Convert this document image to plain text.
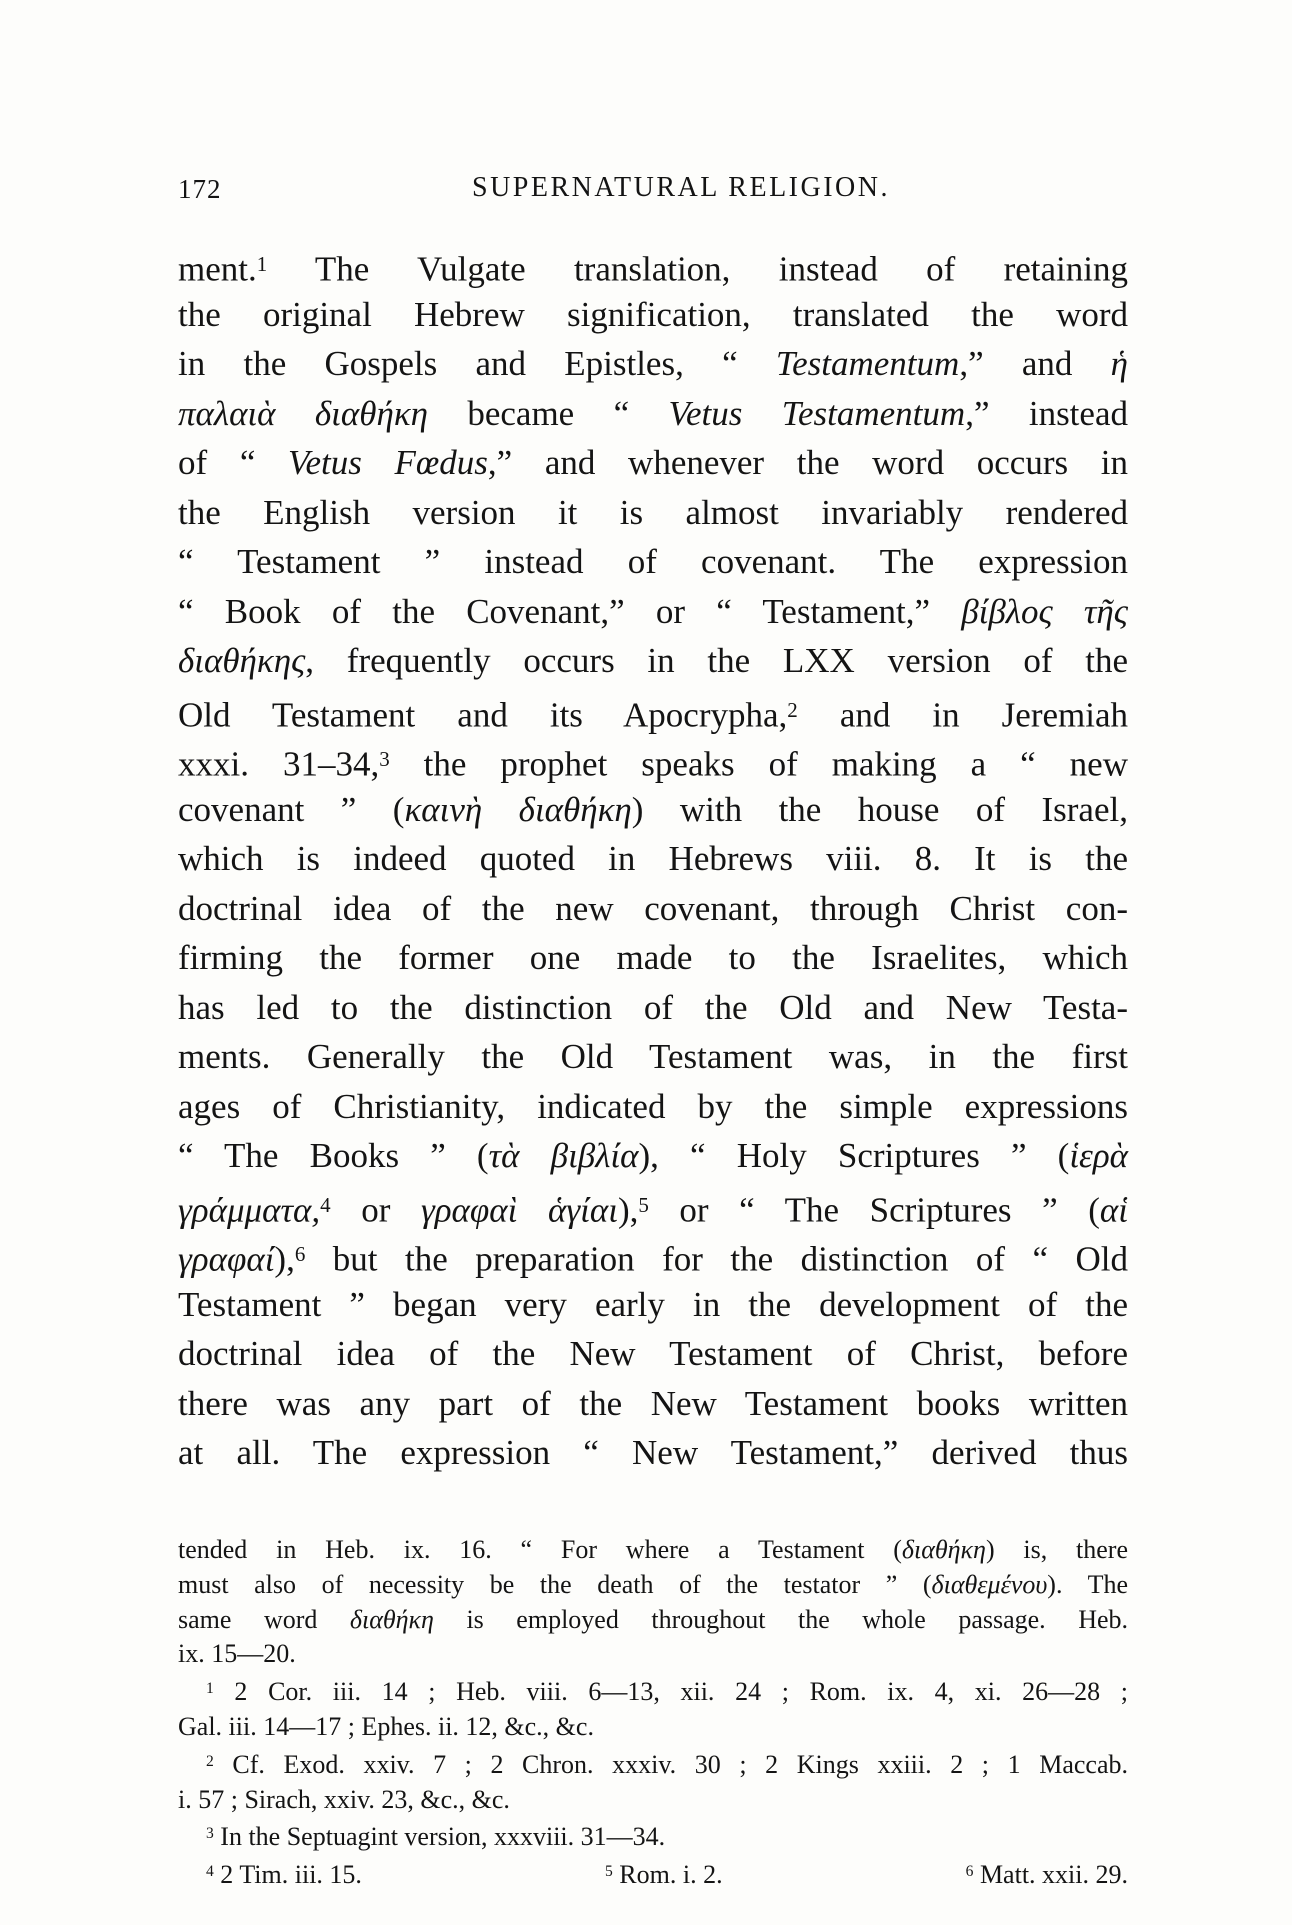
172	SUPERNATURAL RELIGION.
ment.$^1$ The Vulgate translation, instead of retaining
the original Hebrew signification, translated the word
in the Gospels and Epistles, “ Testamentum,” and ἡ
παλαιὰ διαθήκη became “ Vetus Testamentum,” instead
of “ Vetus Fœdus,” and whenever the word occurs in
the English version it is almost invariably rendered
“ Testament ” instead of covenant. The expression
“ Book of the Covenant,” or “ Testament,” βίβλος τῆς
διαθήκης, frequently occurs in the LXX version of the
Old Testament and its Apocrypha,$^2$ and in Jeremiah
xxxi. 31–34,$^3$ the prophet speaks of making a “ new
covenant ” (καινὴ διαθήκη) with the house of Israel,
which is indeed quoted in Hebrews viii. 8. It is the
doctrinal idea of the new covenant, through Christ con-
firming the former one made to the Israelites, which
has led to the distinction of the Old and New Testa-
ments. Generally the Old Testament was, in the first
ages of Christianity, indicated by the simple expressions
“ The Books ” (τὰ βιβλία), “ Holy Scriptures ” (ἱερὰ
γράμματα,$^4$ or γραφαὶ ἁγίαι),$^5$ or “ The Scriptures ” (αἱ
γραφαί),$^6$ but the preparation for the distinction of “ Old
Testament ” began very early in the development of the
doctrinal idea of the New Testament of Christ, before
there was any part of the New Testament books written
at all. The expression “ New Testament,” derived thus
tended in Heb. ix. 16. “ For where a Testament (διαθήκη) is, there
must also of necessity be the death of the testator ” (διαθεμένου). The
same word διαθήκη is employed throughout the whole passage. Heb.
ix. 15—20.
$^1$ 2 Cor. iii. 14 ; Heb. viii. 6—13, xii. 24 ; Rom. ix. 4, xi. 26—28 ;
Gal. iii. 14—17 ; Ephes. ii. 12, &c., &c.
$^2$ Cf. Exod. xxiv. 7 ; 2 Chron. xxxiv. 30 ; 2 Kings xxiii. 2 ; 1 Maccab.
i. 57 ; Sirach, xxiv. 23, &c., &c.
$^3$ In the Septuagint version, xxxviii. 31—34.
$^4$ 2 Tim. iii. 15.	$^5$ Rom. i. 2.	$^6$ Matt. xxii. 29.
